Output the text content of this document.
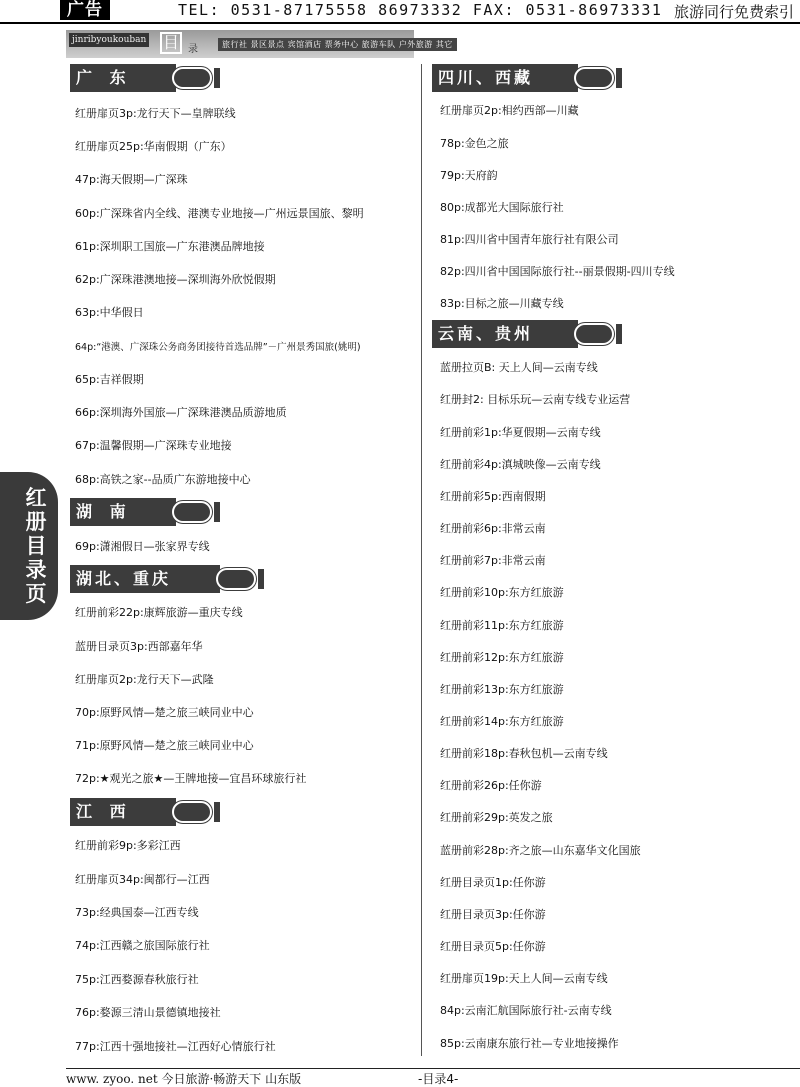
广告	TEL: 0531-87175558 86973332 FAX: 0531-86973331 旅游同行免费索引
jinribyoukouban 目 录	旅行社 景区景点 宾馆酒店 票务中心 旅游车队 户外旅游 其它
红
册
目
录
页
广 东
湖 南
湖北、重庆
江 西
四川、西藏
云南、贵州
红册扉页3p:龙行天下—皇牌联线
红册扉页25p:华南假期（广东）
47p:海天假期—广深珠
60p:广深珠省内全线、港澳专业地接—广州远景国旅、黎明
61p:深圳职工国旅—广东港澳品牌地接
62p:广深珠港澳地接—深圳海外欣悦假期
63p:中华假日
64p:“港澳、广深珠公务商务团接待首选品牌”－广州景秀国旅(姚明)
65p:吉祥假期
66p:深圳海外国旅—广深珠港澳品质游地质
67p:温馨假期—广深珠专业地接
68p:高铁之家--品质广东游地接中心
69p:潇湘假日—张家界专线
红册前彩22p:康辉旅游—重庆专线
蓝册目录页3p:西部嘉年华
红册扉页2p:龙行天下—武隆
70p:原野风情—楚之旅三峡同业中心
71p:原野风情—楚之旅三峡同业中心
72p:★观光之旅★—王牌地接—宜昌环球旅行社
红册前彩9p:多彩江西
红册扉页34p:闽都行—江西
73p:经典国泰—江西专线
74p:江西赣之旅国际旅行社
75p:江西婺源春秋旅行社
76p:婺源三清山景德镇地接社
77p:江西十强地接社—江西好心情旅行社
红册扉页2p:相约西部—川藏
78p:金色之旅
79p:天府韵
80p:成都光大国际旅行社
81p:四川省中国青年旅行社有限公司
82p:四川省中国国际旅行社--丽景假期-四川专线
83p:目标之旅—川藏专线
蓝册拉页B: 天上人间—云南专线
红册封2: 目标乐玩—云南专线专业运营
红册前彩1p:华夏假期—云南专线
红册前彩4p:滇城映像—云南专线
红册前彩5p:西南假期
红册前彩6p:非常云南
红册前彩7p:非常云南
红册前彩10p:东方红旅游
红册前彩11p:东方红旅游
红册前彩12p:东方红旅游
红册前彩13p:东方红旅游
红册前彩14p:东方红旅游
红册前彩18p:春秋包机—云南专线
红册前彩26p:任你游
红册前彩29p:英发之旅
蓝册前彩28p:齐之旅—山东嘉华文化国旅
红册目录页1p:任你游
红册目录页3p:任你游
红册目录页5p:任你游
红册扉页19p:天上人间—云南专线
84p:云南汇航国际旅行社-云南专线
85p:云南康东旅行社—专业地接操作
www. zyoo. net 今日旅游·畅游天下 山东版	-目录4-
